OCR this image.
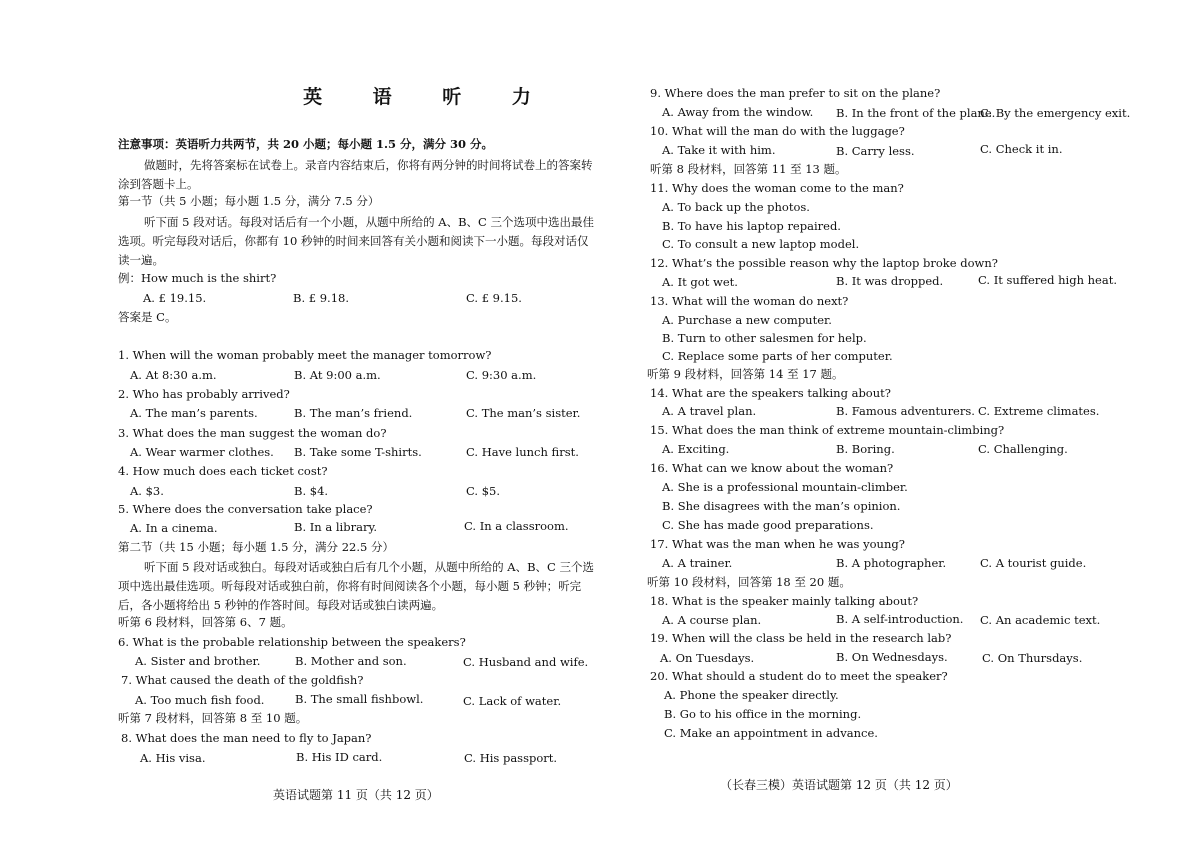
英 语 听 力
注意事项：英语听力共两节，共 20 小题；每小题 1.5 分，满分 30 分。
做题时，先将答案标在试卷上。录音内容结束后，你将有两分钟的时间将试卷上的答案转涂到答题卡上。
第一节（共 5 小题；每小题 1.5 分，满分 7.5 分）
听下面 5 段对话。每段对话后有一个小题，从题中所给的 A、B、C 三个选项中选出最佳选项。听完每段对话后，你都有 10 秒钟的时间来回答有关小题和阅读下一小题。每段对话仅读一遍。
例：How much is the shirt?
A. £ 19.15.	B. £ 9.18.	C. £ 9.15.
答案是 C。
1. When will the woman probably meet the manager tomorrow?
A. At 8:30 a.m.	B. At 9:00 a.m.	C. 9:30 a.m.
2. Who has probably arrived?
A. The man’s parents.	B. The man’s friend.	C. The man’s sister.
3. What does the man suggest the woman do?
A. Wear warmer clothes. B. Take some T-shirts.	C. Have lunch first.
4. How much does each ticket cost?
A. $3.	B. $4.	C. $5.
5. Where does the conversation take place?
A. In a cinema.	B. In a library.	C. In a classroom.
第二节（共 15 小题；每小题 1.5 分，满分 22.5 分）
听下面 5 段对话或独白。每段对话或独白后有几个小题，从题中所给的 A、B、C 三个选项中选出最佳选项。听每段对话或独白前，你将有时间阅读各个小题，每小题 5 秒钟；听完后，各小题将给出 5 秒钟的作答时间。每段对话或独白读两遍。
听第 6 段材料，回答第 6、7 题。
6. What is the probable relationship between the speakers?
A. Sister and brother.	B. Mother and son.	C. Husband and wife.
7. What caused the death of the goldfish?
A. Too much fish food.	B. The small fishbowl.	C. Lack of water.
听第 7 段材料，回答第 8 至 10 题。
8. What does the man need to fly to Japan?
A. His visa.	B. His ID card.	C. His passport.
英语试题第 11 页（共 12 页）
9. Where does the man prefer to sit on the plane?
A. Away from the window. B. In the front of the plane.
C. By the emergency exit.
10. What will the man do with the luggage?
A. Take it with him.	B. Carry less.	C. Check it in.
听第 8 段材料，回答第 11 至 13 题。
11. Why does the woman come to the man?
A. To back up the photos.
B. To have his laptop repaired.
C. To consult a new laptop model.
12. What’s the possible reason why the laptop broke down?
A. It got wet.	B. It was dropped.	C. It suffered high heat.
13. What will the woman do next?
A. Purchase a new computer.
B. Turn to other salesmen for help.
C. Replace some parts of her computer.
听第 9 段材料，回答第 14 至 17 题。
14. What are the speakers talking about?
A. A travel plan.	B. Famous adventurers. C. Extreme climates.
15. What does the man think of extreme mountain-climbing?
A. Exciting.	B. Boring.	C. Challenging.
16. What can we know about the woman?
A. She is a professional mountain-climber.
B. She disagrees with the man’s opinion.
C. She has made good preparations.
17. What was the man when he was young?
A. A trainer.	B. A photographer.	C. A tourist guide.
听第 10 段材料，回答第 18 至 20 题。
18. What is the speaker mainly talking about?
A. A course plan.	B. A self-introduction. C. An academic text.
19. When will the class be held in the research lab?
A. On Tuesdays.	B. On Wednesdays.	C. On Thursdays.
20. What should a student do to meet the speaker?
A. Phone the speaker directly.
B. Go to his office in the morning.
C. Make an appointment in advance.
（长春三模）英语试题第 12 页（共 12 页）
